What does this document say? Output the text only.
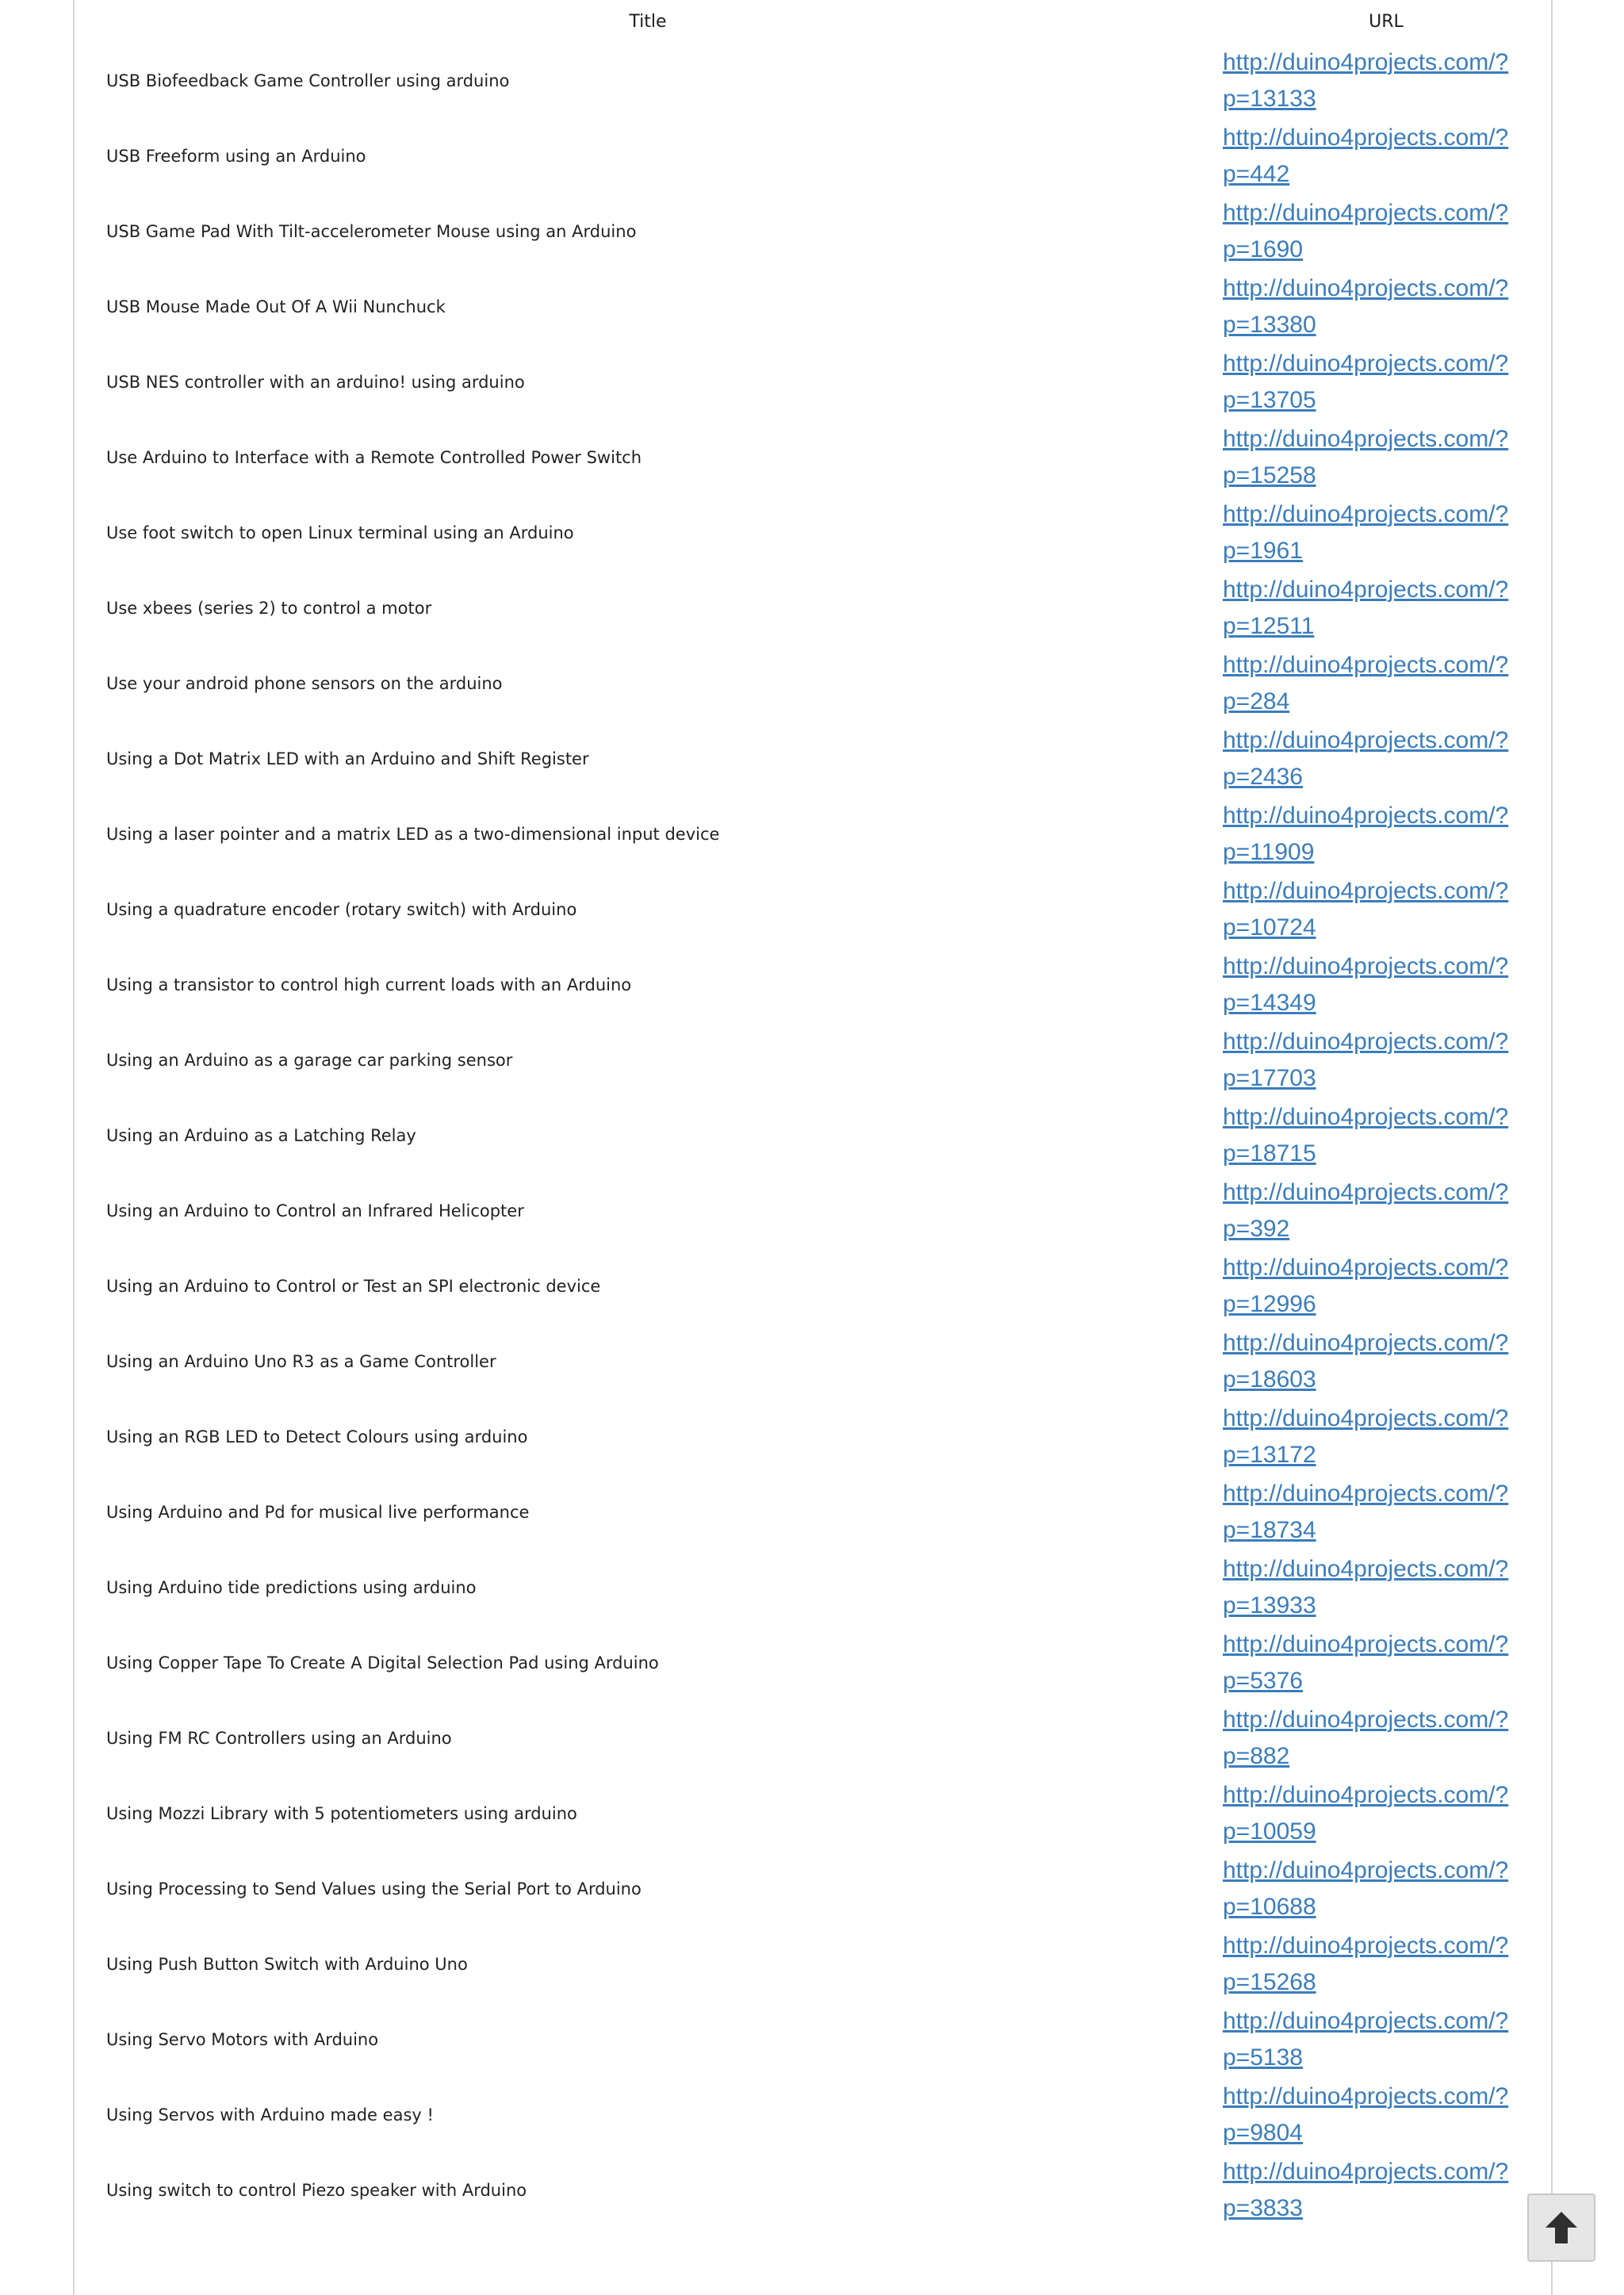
Title	URL
USB Biofeedback Game Controller using arduino	http://duino4projects.com/?p=13133

USB Freeform using an Arduino	http://duino4projects.com/?p=442

USB Game Pad With Tilt-accelerometer Mouse using an Arduino	http://duino4projects.com/?p=1690

USB Mouse Made Out Of A Wii Nunchuck	http://duino4projects.com/?p=13380

USB NES controller with an arduino! using arduino	http://duino4projects.com/?p=13705

Use Arduino to Interface with a Remote Controlled Power Switch	http://duino4projects.com/?p=15258

Use foot switch to open Linux terminal using an Arduino	http://duino4projects.com/?p=1961

Use xbees (series 2) to control a motor	http://duino4projects.com/?p=12511

Use your android phone sensors on the arduino	http://duino4projects.com/?p=284

Using a Dot Matrix LED with an Arduino and Shift Register	http://duino4projects.com/?p=2436

Using a laser pointer and a matrix LED as a two-dimensional input device	http://duino4projects.com/?p=11909

Using a quadrature encoder (rotary switch) with Arduino	http://duino4projects.com/?p=10724

Using a transistor to control high current loads with an Arduino	http://duino4projects.com/?p=14349

Using an Arduino as a garage car parking sensor	http://duino4projects.com/?p=17703

Using an Arduino as a Latching Relay	http://duino4projects.com/?p=18715

Using an Arduino to Control an Infrared Helicopter	http://duino4projects.com/?p=392

Using an Arduino to Control or Test an SPI electronic device	http://duino4projects.com/?p=12996

Using an Arduino Uno R3 as a Game Controller	http://duino4projects.com/?p=18603

Using an RGB LED to Detect Colours using arduino	http://duino4projects.com/?p=13172

Using Arduino and Pd for musical live performance	http://duino4projects.com/?p=18734

Using Arduino tide predictions using arduino	http://duino4projects.com/?p=13933

Using Copper Tape To Create A Digital Selection Pad using Arduino	http://duino4projects.com/?p=5376

Using FM RC Controllers using an Arduino	http://duino4projects.com/?p=882

Using Mozzi Library with 5 potentiometers using arduino	http://duino4projects.com/?p=10059

Using Processing to Send Values using the Serial Port to Arduino	http://duino4projects.com/?p=10688

Using Push Button Switch with Arduino Uno	http://duino4projects.com/?p=15268

Using Servo Motors with Arduino	http://duino4projects.com/?p=5138

Using Servos with Arduino made easy !	http://duino4projects.com/?p=9804

Using switch to control Piezo speaker with Arduino	http://duino4projects.com/?p=3833
